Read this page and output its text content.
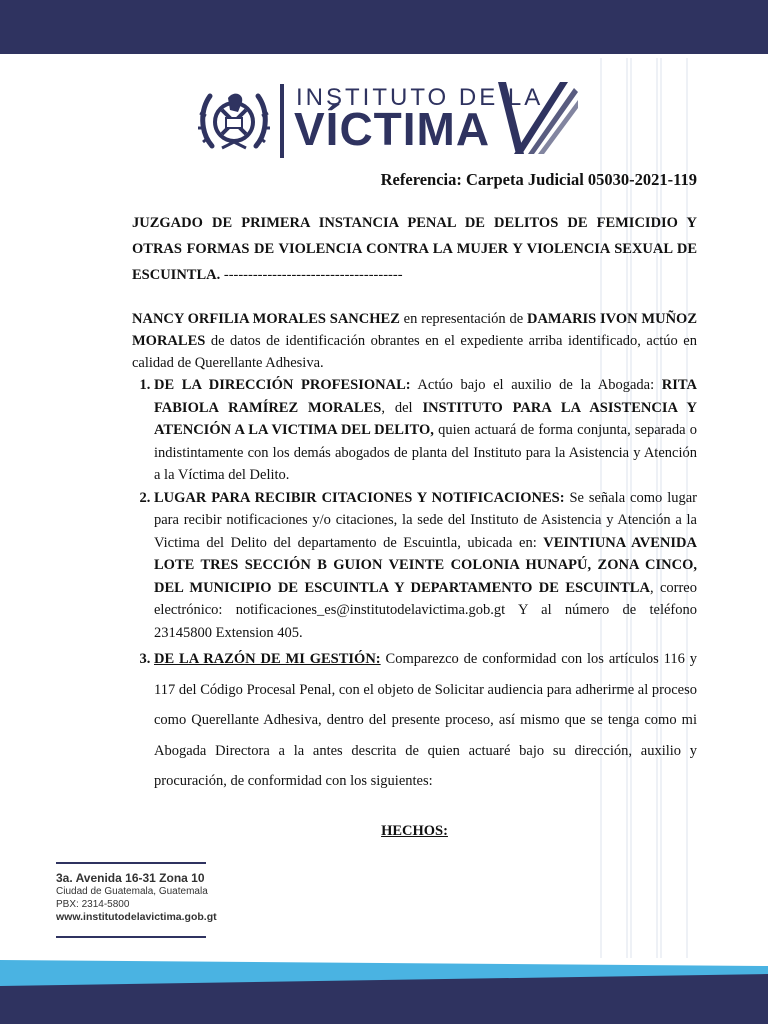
INSTITUTO DE LA
VÍCTIMA

Referencia: Carpeta Judicial 05030-2021-119

JUZGADO DE PRIMERA INSTANCIA PENAL DE DELITOS DE FEMICIDIO Y OTRAS FORMAS DE VIOLENCIA CONTRA LA MUJER Y VIOLENCIA SEXUAL DE ESCUINTLA. -------------------------------------

NANCY ORFILIA MORALES SANCHEZ en representación de DAMARIS IVON MUÑOZ MORALES de datos de identificación obrantes en el expediente arriba identificado, actúo en calidad de Querellante Adhesiva.

1. DE LA DIRECCIÓN PROFESIONAL: Actúo bajo el auxilio de la Abogada: RITA FABIOLA RAMÍREZ MORALES, del INSTITUTO PARA LA ASISTENCIA Y ATENCIÓN A LA VICTIMA DEL DELITO, quien actuará de forma conjunta, separada o indistintamente con los demás abogados de planta del Instituto para la Asistencia y Atención a la Víctima del Delito.
2. LUGAR PARA RECIBIR CITACIONES Y NOTIFICACIONES: Se señala como lugar para recibir notificaciones y/o citaciones, la sede del Instituto de Asistencia y Atención a la Victima del Delito del departamento de Escuintla, ubicada en: VEINTIUNA AVENIDA LOTE TRES SECCIÓN B GUION VEINTE COLONIA HUNAPÚ, ZONA CINCO, DEL MUNICIPIO DE ESCUINTLA Y DEPARTAMENTO DE ESCUINTLA, correo electrónico: notificaciones_es@institutodelavictima.gob.gt Y al número de teléfono 23145800 Extension 405.
3. DE LA RAZÓN DE MI GESTIÓN: Comparezco de conformidad con los artículos 116 y 117 del Código Procesal Penal, con el objeto de Solicitar audiencia para adherirme al proceso como Querellante Adhesiva, dentro del presente proceso, así mismo que se tenga como mi Abogada Directora a la antes descrita de quien actuaré bajo su dirección, auxilio y procuración, de conformidad con los siguientes:
HECHOS:
3a. Avenida 16-31 Zona 10
Ciudad de Guatemala, Guatemala
PBX: 2314-5800
www.institutodelavictima.gob.gt
